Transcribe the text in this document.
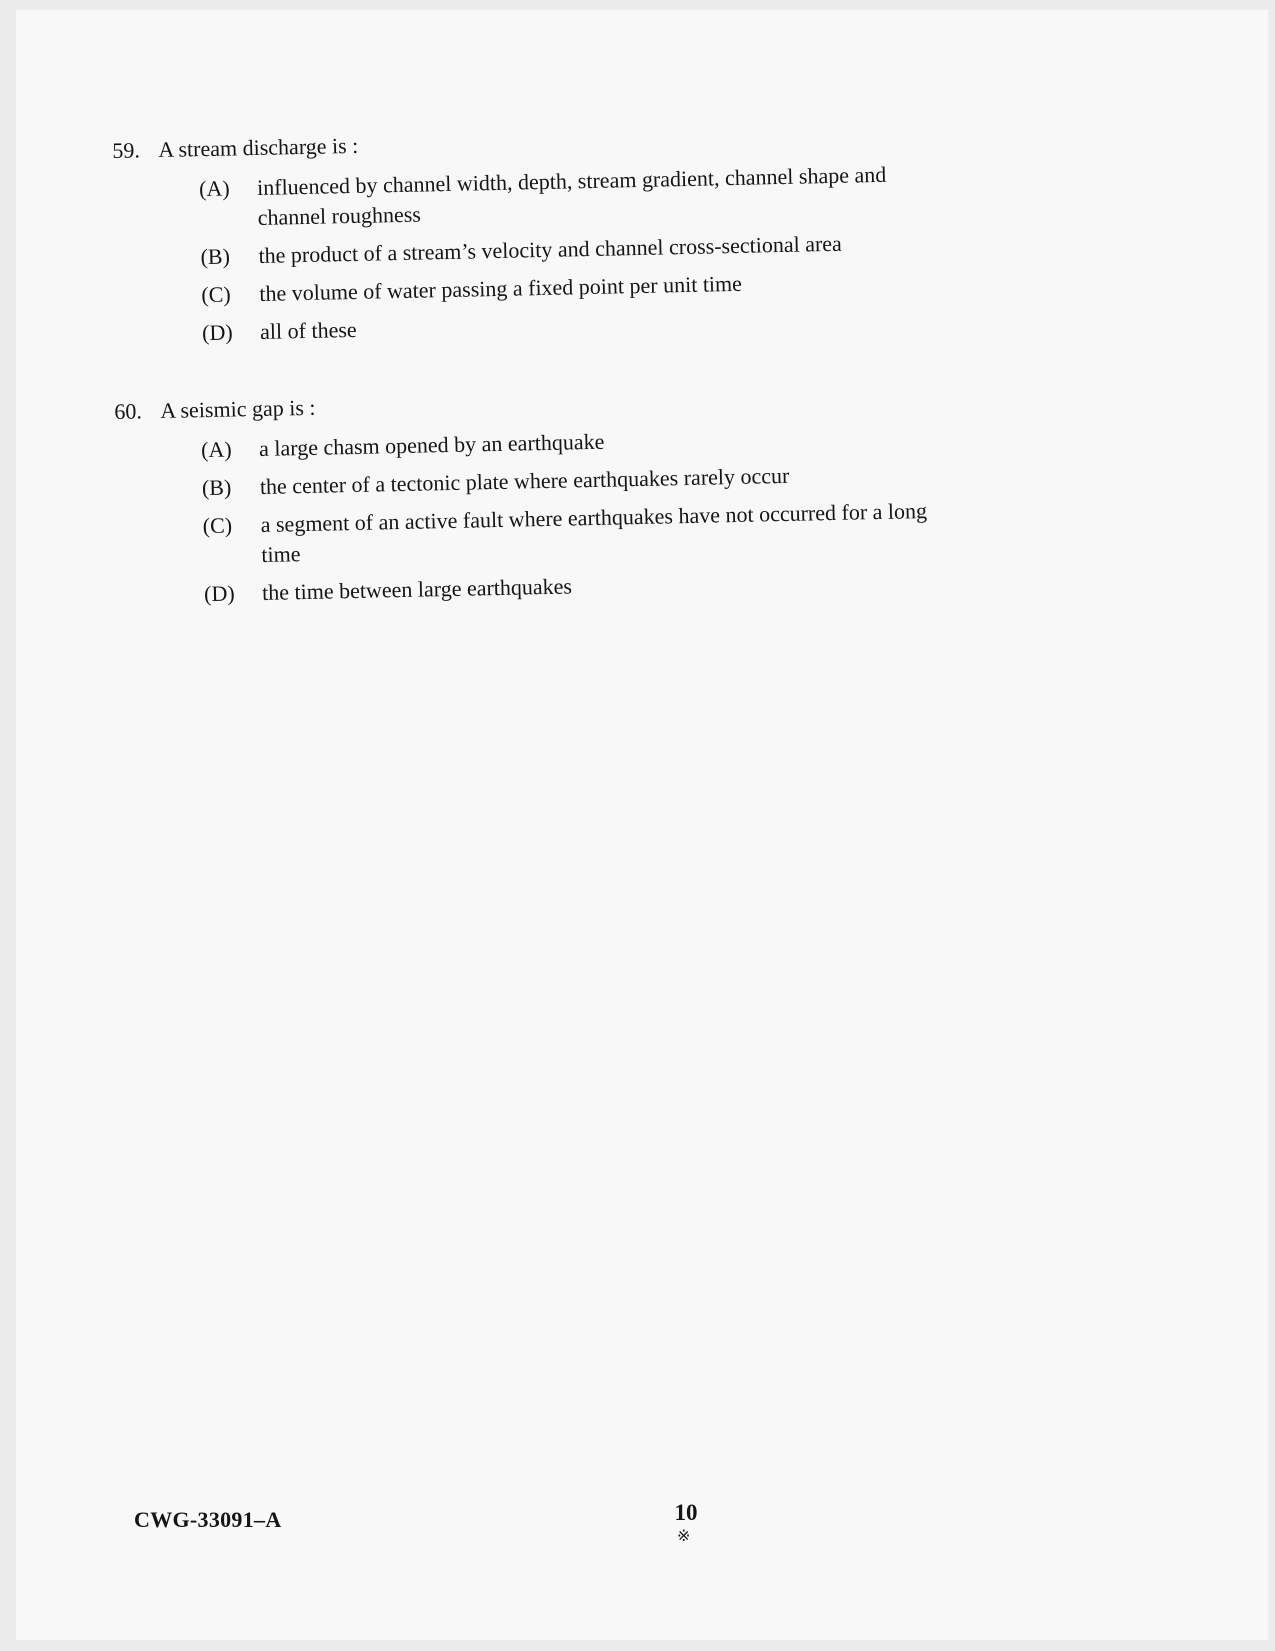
59. A stream discharge is :
(A)	influenced by channel width, depth, stream gradient, channel shape and channel roughness
(B)	the product of a stream’s velocity and channel cross-sectional area
(C)	the volume of water passing a fixed point per unit time
(D)	all of these
60. A seismic gap is :
(A)	a large chasm opened by an earthquake
(B)	the center of a tectonic plate where earthquakes rarely occur
(C)	a segment of an active fault where earthquakes have not occurred for a long time
(D)	the time between large earthquakes
CWG-33091–A	10
※
